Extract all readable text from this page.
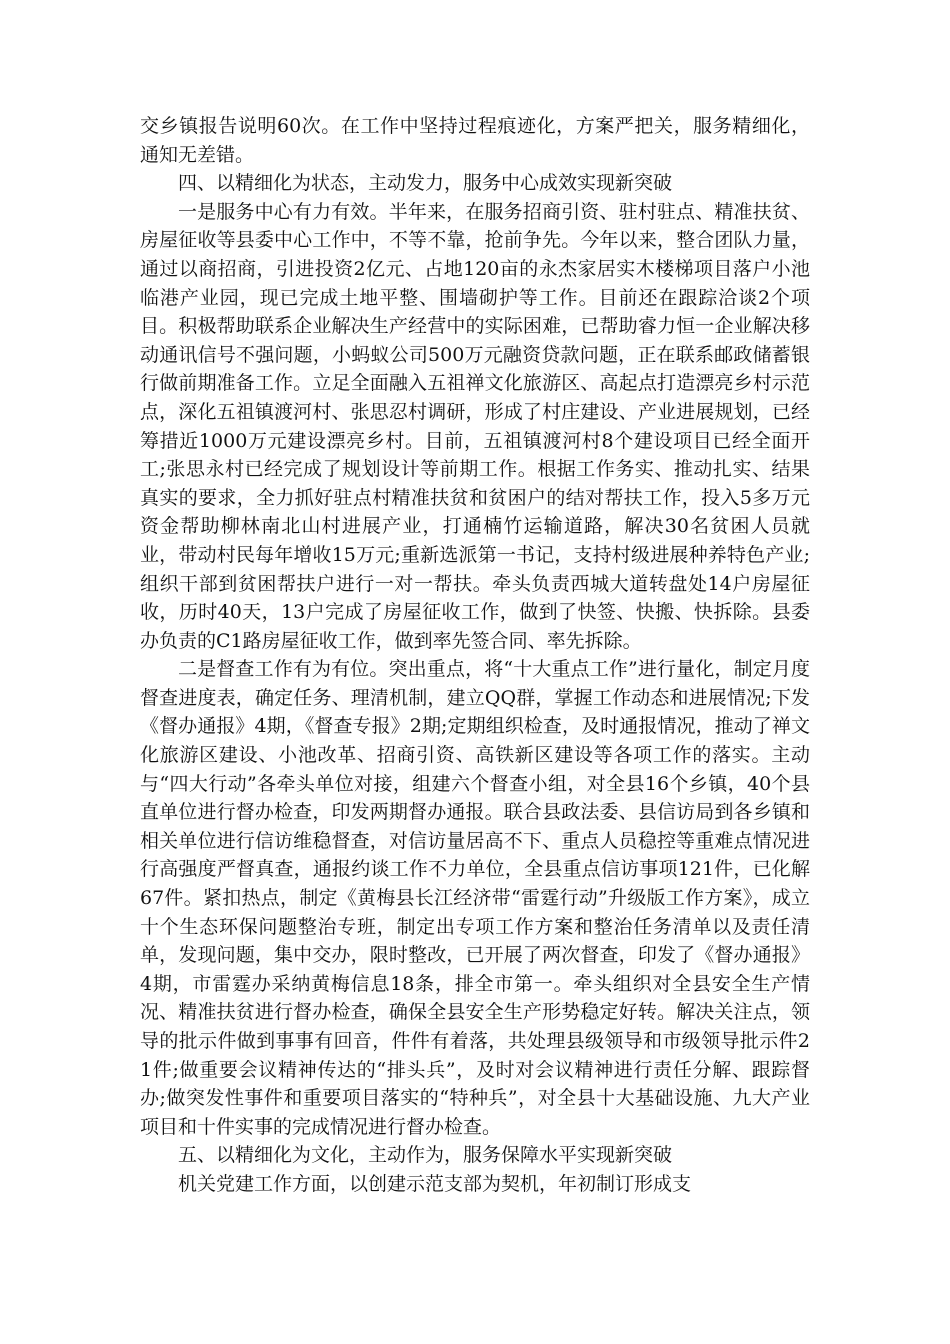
交乡镇报告说明60次。在工作中坚持过程痕迹化，方案严把关，服务精细化，通知无差错。

四、以精细化为状态，主动发力，服务中心成效实现新突破

一是服务中心有力有效。半年来，在服务招商引资、驻村驻点、精准扶贫、房屋征收等县委中心工作中，不等不靠，抢前争先。今年以来，整合团队力量，通过以商招商，引进投资2亿元、占地120亩的永杰家居实木楼梯项目落户小池临港产业园，现已完成土地平整、围墙砌护等工作。目前还在跟踪洽谈2个项目。积极帮助联系企业解决生产经营中的实际困难，已帮助睿力恒一企业解决移动通讯信号不强问题，小蚂蚁公司500万元融资贷款问题，正在联系邮政储蓄银行做前期准备工作。立足全面融入五祖禅文化旅游区、高起点打造漂亮乡村示范点，深化五祖镇渡河村、张思忍村调研，形成了村庄建设、产业进展规划，已经筹措近1000万元建设漂亮乡村。目前，五祖镇渡河村8个建设项目已经全面开工;张思永村已经完成了规划设计等前期工作。根据工作务实、推动扎实、结果真实的要求，全力抓好驻点村精准扶贫和贫困户的结对帮扶工作，投入5多万元资金帮助柳林南北山村进展产业，打通楠竹运输道路，解决30名贫困人员就业，带动村民每年增收15万元;重新选派第一书记，支持村级进展种养特色产业;组织干部到贫困帮扶户进行一对一帮扶。牵头负责西城大道转盘处14户房屋征收，历时40天，13户完成了房屋征收工作，做到了快签、快搬、快拆除。县委办负责的C1路房屋征收工作，做到率先签合同、率先拆除。

二是督查工作有为有位。突出重点，将“十大重点工作”进行量化，制定月度督查进度表，确定任务、理清机制，建立QQ群，掌握工作动态和进展情况;下发《督办通报》4期，《督查专报》2期;定期组织检查，及时通报情况，推动了禅文化旅游区建设、小池改革、招商引资、高铁新区建设等各项工作的落实。主动与“四大行动”各牵头单位对接，组建六个督查小组，对全县16个乡镇，40个县直单位进行督办检查，印发两期督办通报。联合县政法委、县信访局到各乡镇和相关单位进行信访维稳督查，对信访量居高不下、重点人员稳控等重难点情况进行高强度严督真查，通报约谈工作不力单位，全县重点信访事项121件，已化解67件。紧扣热点，制定《黄梅县长江经济带“雷霆行动”升级版工作方案》，成立十个生态环保问题整治专班，制定出专项工作方案和整治任务清单以及责任清单，发现问题，集中交办，限时整改，已开展了两次督查，印发了《督办通报》4期，市雷霆办采纳黄梅信息18条，排全市第一。牵头组织对全县安全生产情况、精准扶贫进行督办检查，确保全县安全生产形势稳定好转。解决关注点，领导的批示件做到事事有回音，件件有着落，共处理县级领导和市级领导批示件21件;做重要会议精神传达的“排头兵”，及时对会议精神进行责任分解、跟踪督办;做突发性事件和重要项目落实的“特种兵”，对全县十大基础设施、九大产业项目和十件实事的完成情况进行督办检查。

五、以精细化为文化，主动作为，服务保障水平实现新突破

机关党建工作方面，以创建示范支部为契机，年初制订形成支
